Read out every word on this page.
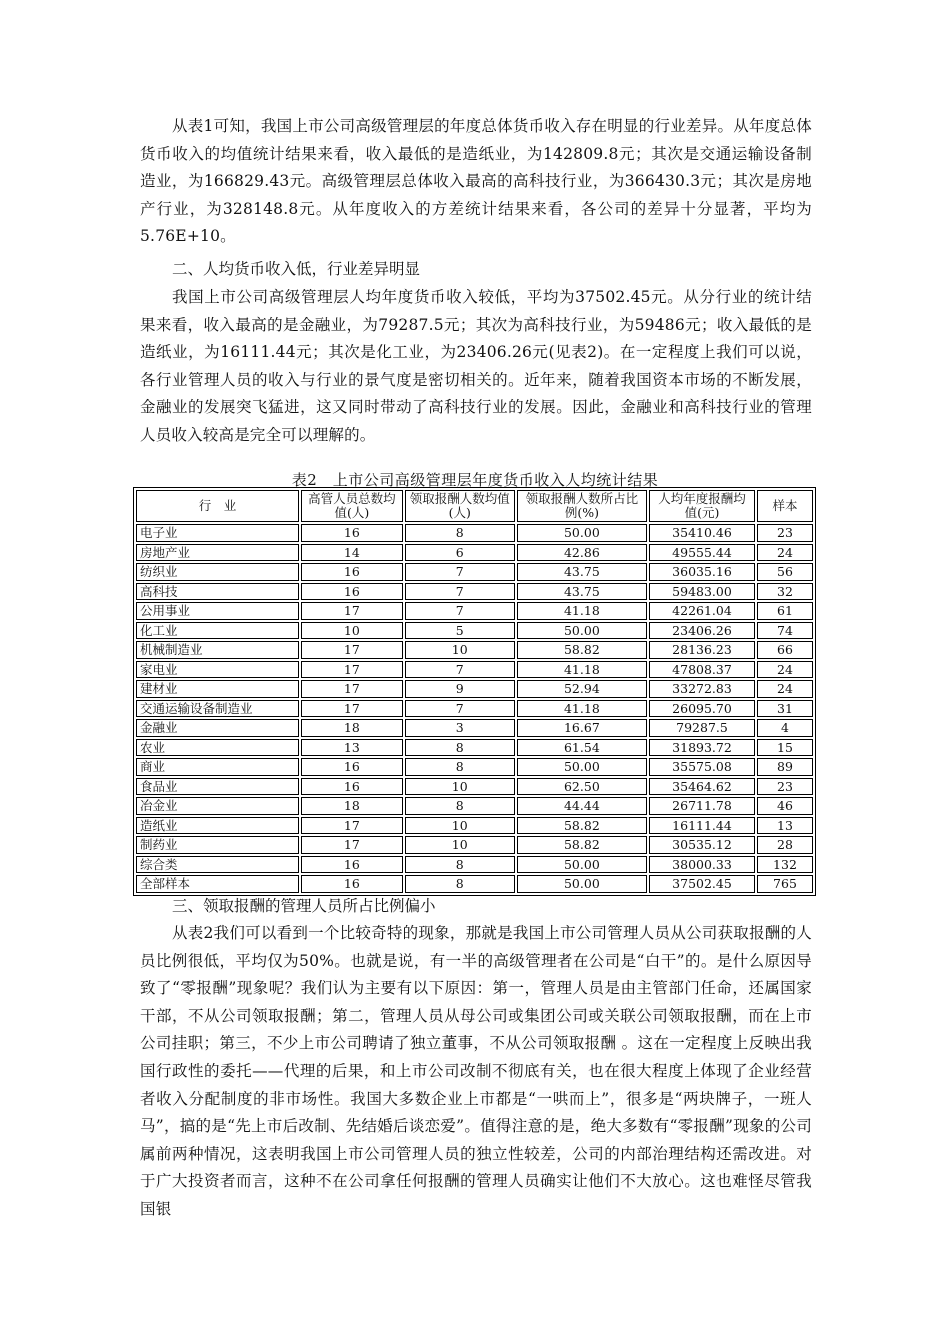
从表1可知，我国上市公司高级管理层的年度总体货币收入存在明显的行业差异。从年度总体货币收入的均值统计结果来看，收入最低的是造纸业，为142809.8元；其次是交通运输设备制造业，为166829.43元。高级管理层总体收入最高的高科技行业，为366430.3元；其次是房地产行业，为328148.8元。从年度收入的方差统计结果来看，各公司的差异十分显著，平均为5.76E+10。

二、人均货币收入低，行业差异明显

我国上市公司高级管理层人均年度货币收入较低，平均为37502.45元。从分行业的统计结果来看，收入最高的是金融业，为79287.5元；其次为高科技行业，为59486元；收入最低的是造纸业，为16111.44元；其次是化工业，为23406.26元(见表2)。在一定程度上我们可以说，各行业管理人员的收入与行业的景气度是密切相关的。近年来，随着我国资本市场的不断发展，金融业的发展突飞猛进，这又同时带动了高科技行业的发展。因此，金融业和高科技行业的管理人员收入较高是完全可以理解的。

表2　上市公司高级管理层年度货币收入人均统计结果
行　业	高管人员总数均值(人)	领取报酬人数均值(人)	领取报酬人数所占比例(%)	人均年度报酬均值(元)	样本
电子业	16	8	50.00	35410.46	23
房地产业	14	6	42.86	49555.44	24
纺织业	16	7	43.75	36035.16	56
高科技	16	7	43.75	59483.00	32
公用事业	17	7	41.18	42261.04	61
化工业	10	5	50.00	23406.26	74
机械制造业	17	10	58.82	28136.23	66
家电业	17	7	41.18	47808.37	24
建材业	17	9	52.94	33272.83	24
交通运输设备制造业	17	7	41.18	26095.70	31
金融业	18	3	16.67	79287.5	4
农业	13	8	61.54	31893.72	15
商业	16	8	50.00	35575.08	89
食品业	16	10	62.50	35464.62	23
冶金业	18	8	44.44	26711.78	46
造纸业	17	10	58.82	16111.44	13
制药业	17	10	58.82	30535.12	28
综合类	16	8	50.00	38000.33	132
全部样本	16	8	50.00	37502.45	765

三、领取报酬的管理人员所占比例偏小

从表2我们可以看到一个比较奇特的现象，那就是我国上市公司管理人员从公司获取报酬的人员比例很低，平均仅为50%。也就是说，有一半的高级管理者在公司是“白干”的。是什么原因导致了“零报酬”现象呢？我们认为主要有以下原因：第一，管理人员是由主管部门任命，还属国家干部，不从公司领取报酬；第二，管理人员从母公司或集团公司或关联公司领取报酬，而在上市公司挂职；第三，不少上市公司聘请了独立董事，不从公司领取报酬 。这在一定程度上反映出我国行政性的委托——代理的后果，和上市公司改制不彻底有关，也在很大程度上体现了企业经营者收入分配制度的非市场性。我国大多数企业上市都是“一哄而上”，很多是“两块牌子，一班人马”，搞的是“先上市后改制、先结婚后谈恋爱”。值得注意的是，绝大多数有“零报酬”现象的公司属前两种情况，这表明我国上市公司管理人员的独立性较差，公司的内部治理结构还需改进。对于广大投资者而言，这种不在公司拿任何报酬的管理人员确实让他们不大放心。这也难怪尽管我国银
